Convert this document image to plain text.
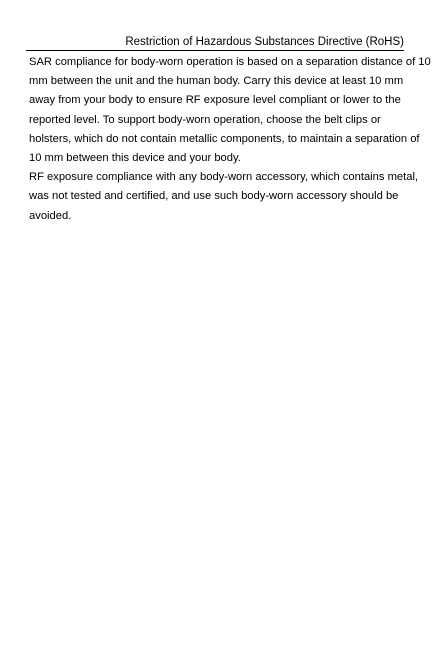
Restriction of Hazardous Substances Directive (RoHS)
SAR compliance for body-worn operation is based on a separation distance of 10
mm between the unit and the human body. Carry this device at least 10 mm
away from your body to ensure RF exposure level compliant or lower to the
reported level. To support body-worn operation, choose the belt clips or
holsters, which do not contain metallic components, to maintain a separation of
10 mm between this device and your body.
RF exposure compliance with any body-worn accessory, which contains metal,
was not tested and certified, and use such body-worn accessory should be
avoided.
